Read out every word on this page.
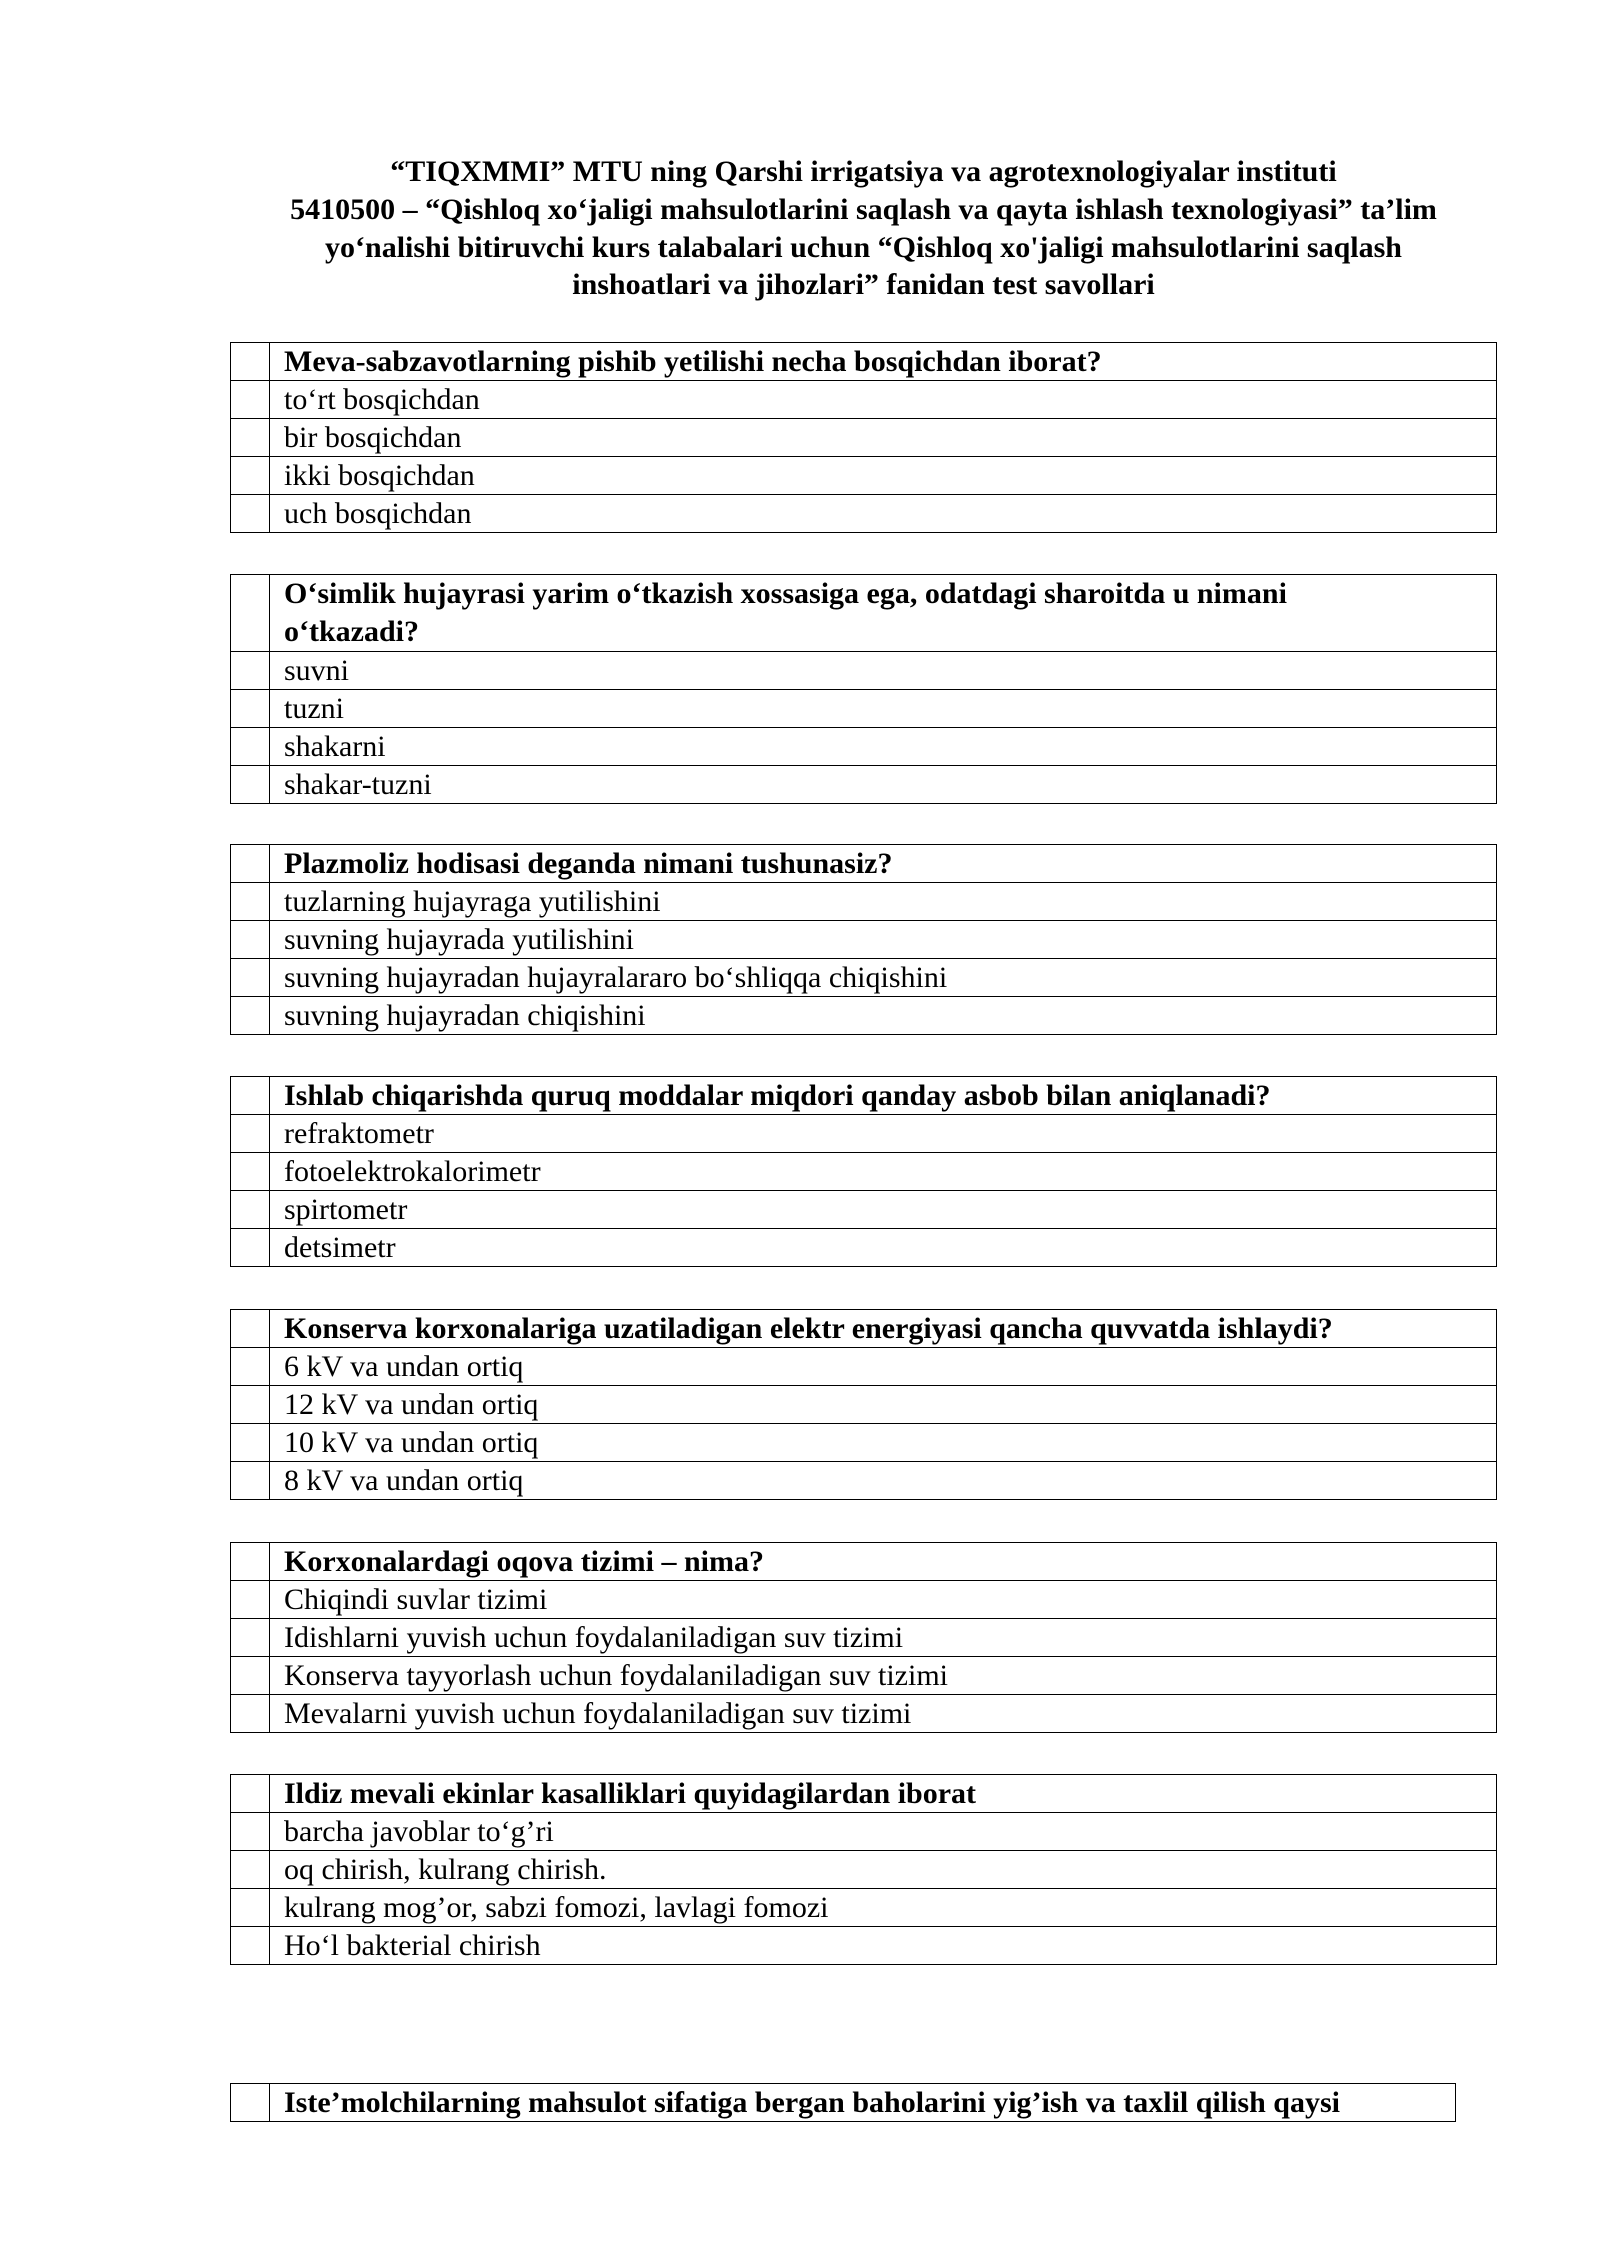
“TIQXMMI” MTU ning Qarshi irrigatsiya va agrotexnologiyalar instituti
5410500 – “Qishloq xo‘jaligi mahsulotlarini saqlash va qayta ishlash texnologiyasi” ta’lim
yo‘nalishi bitiruvchi kurs talabalari uchun “Qishloq xo'jaligi mahsulotlarini saqlash
inshoatlari va jihozlari” fanidan test savollari
	Meva-sabzavotlarning pishib yetilishi necha bosqichdan iborat?
	to‘rt bosqichdan
	bir bosqichdan
	ikki bosqichdan
	uch bosqichdan
	O‘simlik hujayrasi yarim o‘tkazish xossasiga ega, odatdagi sharoitda u nimani
o‘tkazadi?
	suvni
	tuzni
	shakarni
	shakar-tuzni
	Plazmoliz hodisasi deganda nimani tushunasiz?
	tuzlarning hujayraga yutilishini
	suvning hujayrada yutilishini
	suvning hujayradan hujayralararo bo‘shliqqa chiqishini
	suvning hujayradan chiqishini
	Ishlab chiqarishda quruq moddalar miqdori qanday asbob bilan aniqlanadi?
	refraktometr
	fotoelektrokalorimetr
	spirtometr
	detsimetr
	Konserva korxonalariga uzatiladigan elektr energiyasi qancha quvvatda ishlaydi?
	6 kV va undan ortiq
	12 kV va undan ortiq
	10 kV va undan ortiq
	8 kV va undan ortiq
	Korxonalardagi oqova tizimi – nima?
	Chiqindi suvlar tizimi
	Idishlarni yuvish uchun foydalaniladigan suv tizimi
	Konserva tayyorlash uchun foydalaniladigan suv tizimi
	Mevalarni yuvish uchun foydalaniladigan suv tizimi
	Ildiz mevali ekinlar kasalliklari quyidagilardan iborat
	barcha javoblar to‘g’ri
	oq chirish, kulrang chirish.
	kulrang mog’or, sabzi fomozi, lavlagi fomozi
	Ho‘l bakterial chirish
	Iste’molchilarning mahsulot sifatiga bergan baholarini yig’ish va taxlil qilish qaysi
